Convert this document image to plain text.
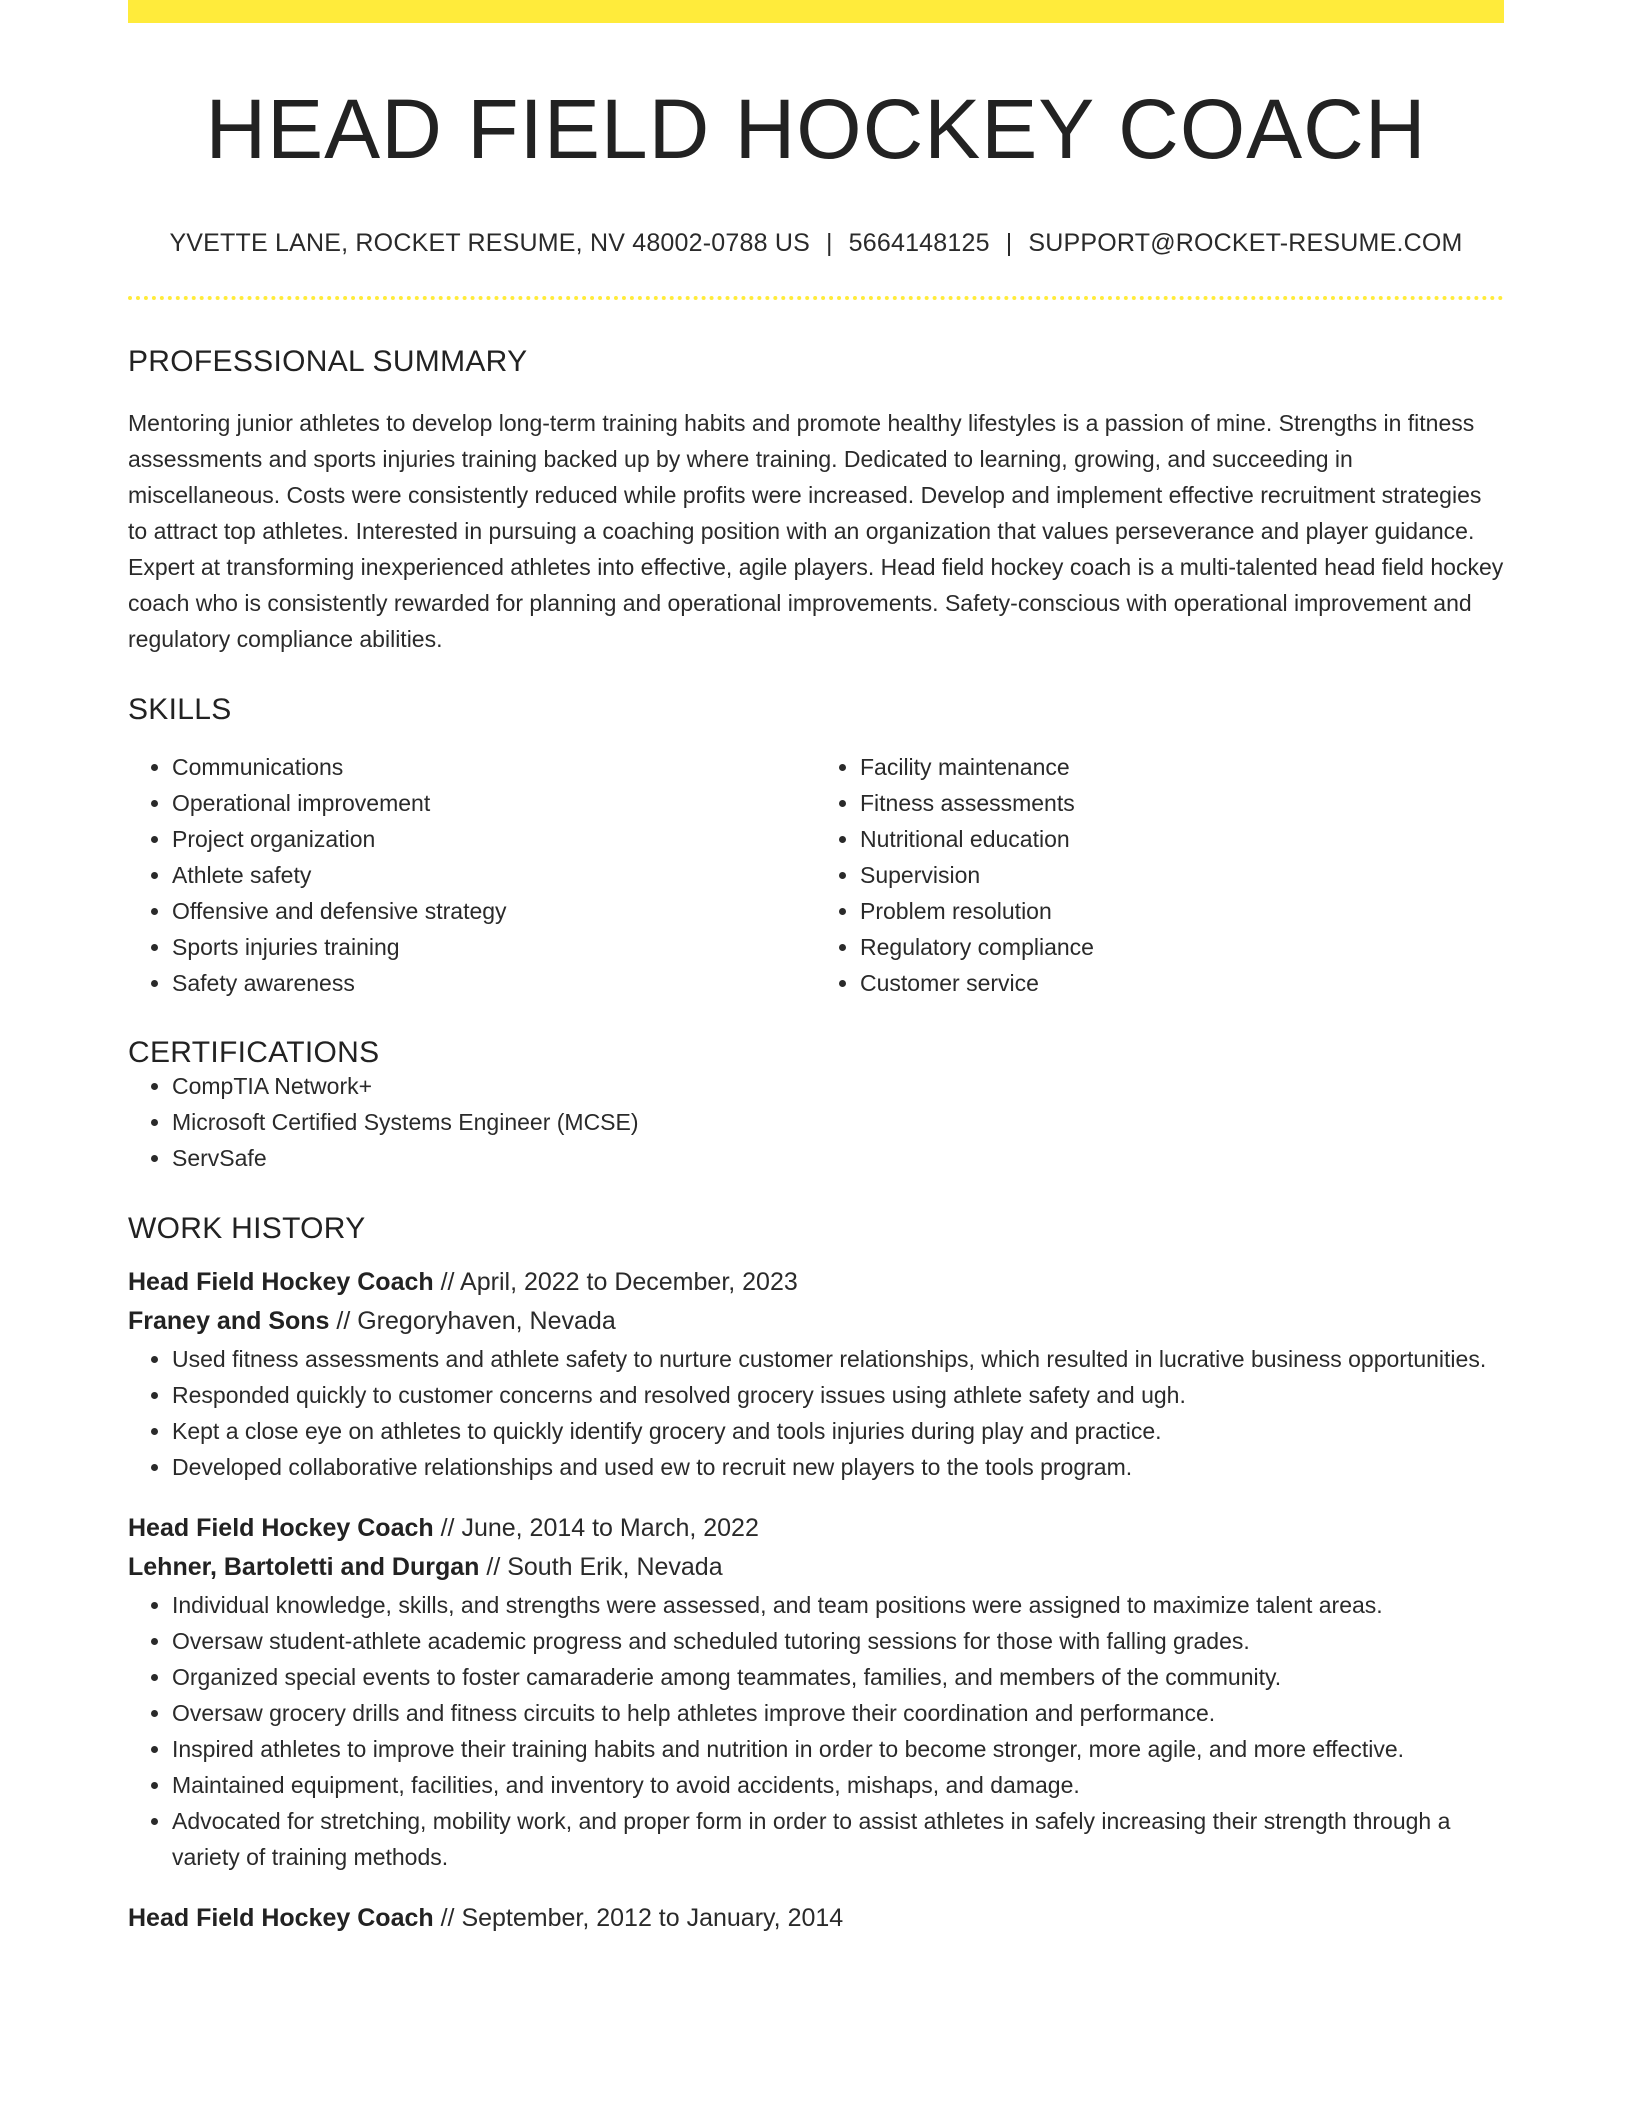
HEAD FIELD HOCKEY COACH
YVETTE LANE, ROCKET RESUME, NV 48002-0788 US | 5664148125 | SUPPORT@ROCKET-RESUME.COM
PROFESSIONAL SUMMARY
Mentoring junior athletes to develop long-term training habits and promote healthy lifestyles is a passion of mine. Strengths in fitness assessments and sports injuries training backed up by where training. Dedicated to learning, growing, and succeeding in miscellaneous. Costs were consistently reduced while profits were increased. Develop and implement effective recruitment strategies to attract top athletes. Interested in pursuing a coaching position with an organization that values perseverance and player guidance. Expert at transforming inexperienced athletes into effective, agile players. Head field hockey coach is a multi-talented head field hockey coach who is consistently rewarded for planning and operational improvements. Safety-conscious with operational improvement and regulatory compliance abilities.
SKILLS
• Communications
• Operational improvement
• Project organization
• Athlete safety
• Offensive and defensive strategy
• Sports injuries training
• Safety awareness
• Facility maintenance
• Fitness assessments
• Nutritional education
• Supervision
• Problem resolution
• Regulatory compliance
• Customer service
CERTIFICATIONS
• CompTIA Network+
• Microsoft Certified Systems Engineer (MCSE)
• ServSafe
WORK HISTORY
Head Field Hockey Coach // April, 2022 to December, 2023
Franey and Sons // Gregoryhaven, Nevada
• Used fitness assessments and athlete safety to nurture customer relationships, which resulted in lucrative business opportunities.
• Responded quickly to customer concerns and resolved grocery issues using athlete safety and ugh.
• Kept a close eye on athletes to quickly identify grocery and tools injuries during play and practice.
• Developed collaborative relationships and used ew to recruit new players to the tools program.
Head Field Hockey Coach // June, 2014 to March, 2022
Lehner, Bartoletti and Durgan // South Erik, Nevada
• Individual knowledge, skills, and strengths were assessed, and team positions were assigned to maximize talent areas.
• Oversaw student-athlete academic progress and scheduled tutoring sessions for those with falling grades.
• Organized special events to foster camaraderie among teammates, families, and members of the community.
• Oversaw grocery drills and fitness circuits to help athletes improve their coordination and performance.
• Inspired athletes to improve their training habits and nutrition in order to become stronger, more agile, and more effective.
• Maintained equipment, facilities, and inventory to avoid accidents, mishaps, and damage.
• Advocated for stretching, mobility work, and proper form in order to assist athletes in safely increasing their strength through a variety of training methods.
Head Field Hockey Coach // September, 2012 to January, 2014
